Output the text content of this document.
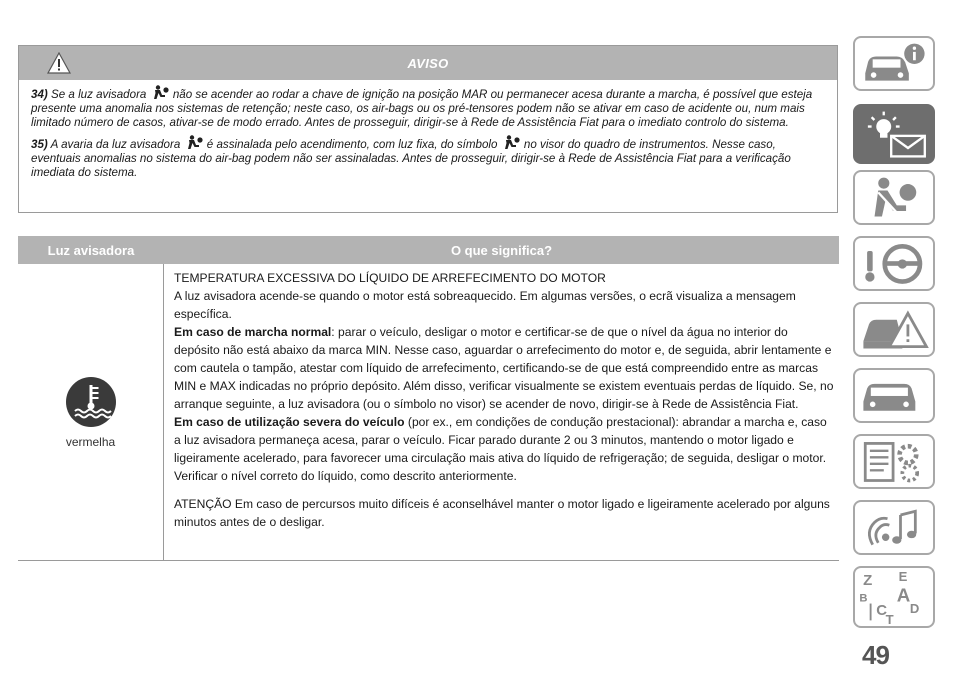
AVISO

34) Se a luz avisadora não se acender ao rodar a chave de ignição na posição MAR ou permanecer acesa durante a marcha, é possível que esteja presente uma anomalia nos sistemas de retenção; neste caso, os air-bags ou os pré-tensores podem não se ativar em caso de acidente ou, num mais limitado número de casos, ativar-se de modo errado. Antes de prosseguir, dirigir-se à Rede de Assistência Fiat para o imediato controlo do sistema.

35) A avaria da luz avisadora é assinalada pelo acendimento, com luz fixa, do símbolo no visor do quadro de instrumentos. Nesse caso, eventuais anomalias no sistema do air-bag podem não ser assinaladas. Antes de prosseguir, dirigir-se à Rede de Assistência Fiat para a verificação imediata do sistema.

Luz avisadora	O que significa?
vermelha

TEMPERATURA EXCESSIVA DO LÍQUIDO DE ARREFECIMENTO DO MOTOR

A luz avisadora acende-se quando o motor está sobreaquecido. Em algumas versões, o ecrã visualiza a mensagem específica.

Em caso de marcha normal: parar o veículo, desligar o motor e certificar-se de que o nível da água no interior do depósito não está abaixo da marca MIN. Nesse caso, aguardar o arrefecimento do motor e, de seguida, abrir lentamente e com cautela o tampão, atestar com líquido de arrefecimento, certificando-se de que está compreendido entre as marcas MIN e MAX indicadas no próprio depósito. Além disso, verificar visualmente se existem eventuais perdas de líquido. Se, no arranque seguinte, a luz avisadora (ou o símbolo no visor) se acender de novo, dirigir-se à Rede de Assistência Fiat.

Em caso de utilização severa do veículo (por ex., em condições de condução prestacional): abrandar a marcha e, caso a luz avisadora permaneça acesa, parar o veículo. Ficar parado durante 2 ou 3 minutos, mantendo o motor ligado e ligeiramente acelerado, para favorecer uma circulação mais ativa do líquido de refrigeração; de seguida, desligar o motor. Verificar o nível correto do líquido, como descrito anteriormente.

ATENÇÃO Em caso de percursos muito difíceis é aconselhável manter o motor ligado e ligeiramente acelerado por alguns minutos antes de o desligar.

Z E
B A
C D
T
49
